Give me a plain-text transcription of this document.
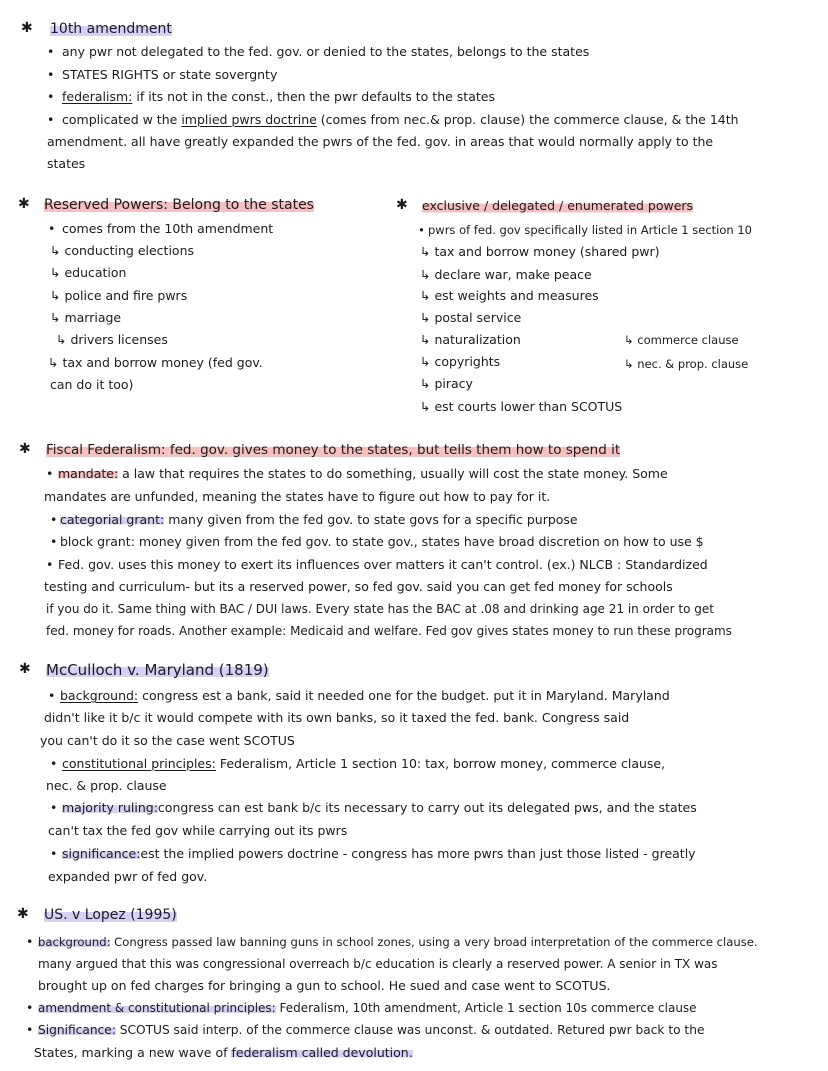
✱ 10th amendment
• any pwr not delegated to the fed. gov. or denied to the states, belongs to the states
• STATES RIGHTS or state sovergnty
• federalism: if its not in the const., then the pwr defaults to the states
• complicated w the implied pwrs doctrine (comes from nec.& prop. clause) the commerce clause, & the 14th
amendment. all have greatly expanded the pwrs of the fed. gov. in areas that would normally apply to the
states
✱ Reserved Powers: Belong to the states
• comes from the 10th amendment
↳ conducting elections
↳ education
↳ police and fire pwrs
↳ marriage
↳ drivers licenses
↳ tax and borrow money (fed gov.
can do it too)
✱ exclusive / delegated / enumerated powers
• pwrs of fed. gov specifically listed in Article 1 section 10
↳ tax and borrow money (shared pwr)
↳ declare war, make peace
↳ est weights and measures
↳ postal service
↳ naturalization
↳ copyrights
↳ piracy
↳ est courts lower than SCOTUS
↳ commerce clause
↳ nec. & prop. clause
✱ Fiscal Federalism: fed. gov. gives money to the states, but tells them how to spend it
• mandate: a law that requires the states to do something, usually will cost the state money. Some
mandates are unfunded, meaning the states have to figure out how to pay for it.
• categorial grant: many given from the fed gov. to state govs for a specific purpose
• block grant: money given from the fed gov. to state gov., states have broad discretion on how to use $
• Fed. gov. uses this money to exert its influences over matters it can't control. (ex.) NLCB : Standardized
testing and curriculum- but its a reserved power, so fed gov. said you can get fed money for schools
if you do it. Same thing with BAC / DUI laws. Every state has the BAC at .08 and drinking age 21 in order to get
fed. money for roads. Another example: Medicaid and welfare. Fed gov gives states money to run these programs
✱ McCulloch v. Maryland (1819)
• background: congress est a bank, said it needed one for the budget. put it in Maryland. Maryland
didn't like it b/c it would compete with its own banks, so it taxed the fed. bank. Congress said
you can't do it so the case went SCOTUS
• constitutional principles: Federalism, Article 1 section 10: tax, borrow money, commerce clause,
nec. & prop. clause
• majority ruling:congress can est bank b/c its necessary to carry out its delegated pws, and the states
can't tax the fed gov while carrying out its pwrs
• significance:est the implied powers doctrine - congress has more pwrs than just those listed - greatly
expanded pwr of fed gov.
✱ US. v Lopez (1995)
• background: Congress passed law banning guns in school zones, using a very broad interpretation of the commerce clause.
many argued that this was congressional overreach b/c education is clearly a reserved power. A senior in TX was
brought up on fed charges for bringing a gun to school. He sued and case went to SCOTUS.
• amendment & constitutional principles: Federalism, 10th amendment, Article 1 section 10s commerce clause
• Significance: SCOTUS said interp. of the commerce clause was unconst. & outdated. Retured pwr back to the
States, marking a new wave of federalism called devolution.
